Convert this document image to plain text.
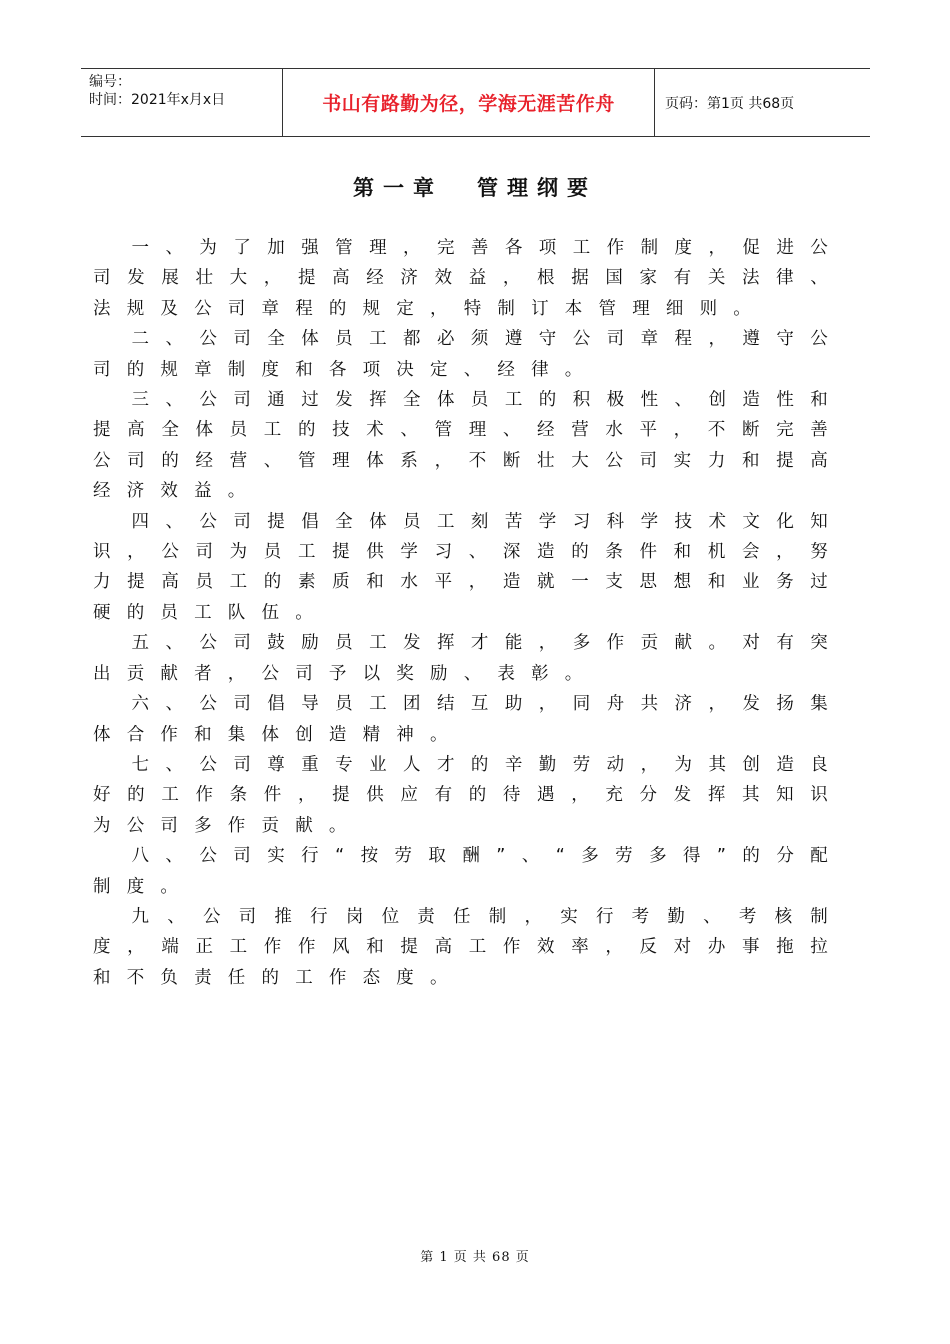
编号：
时间：2021年x月x日	书山有路勤为径，学海无涯苦作舟	页码：第1页 共68页
第一章 管理纲要

一、为了加强管理，完善各项工作制度，促进公司发展壮大，提高经济效益，根据国家有关法律、法规及公司章程的规定，特制订本管理细则。

二、公司全体员工都必须遵守公司章程，遵守公司的规章制度和各项决定、经律。

三、公司通过发挥全体员工的积极性、创造性和提高全体员工的技术、管理、经营水平，不断完善公司的经营、管理体系，不断壮大公司实力和提高经济效益。

四、公司提倡全体员工刻苦学习科学技术文化知识，公司为员工提供学习、深造的条件和机会，努力提高员工的素质和水平，造就一支思想和业务过硬的员工队伍。

五、公司鼓励员工发挥才能，多作贡献。对有突出贡献者，公司予以奖励、表彰。

六、公司倡导员工团结互助，同舟共济，发扬集体合作和集体创造精神。

七、公司尊重专业人才的辛勤劳动，为其创造良好的工作条件，提供应有的待遇，充分发挥其知识为公司多作贡献。

八、公司实行“按劳取酬”、“多劳多得”的分配制度。

九、公司推行岗位责任制，实行考勤、考核制度，端正工作作风和提高工作效率，反对办事拖拉和不负责任的工作态度。

第 1 页 共 68 页
